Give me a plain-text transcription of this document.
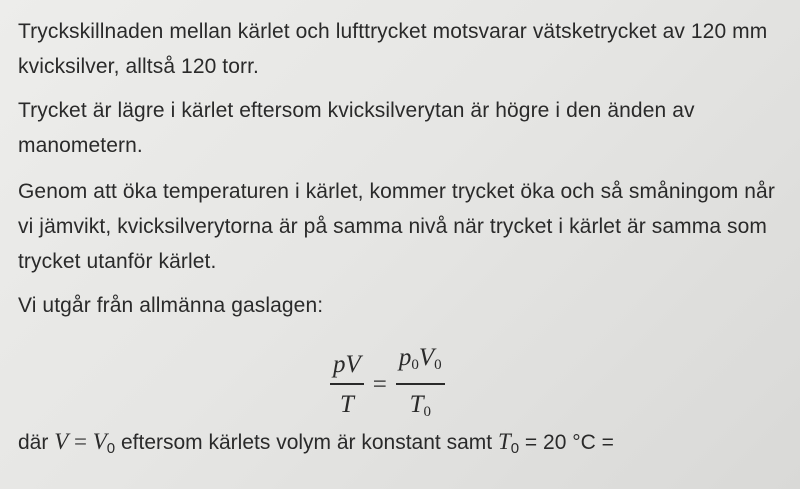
Tryckskillnaden mellan kärlet och lufttrycket motsvarar vätsketrycket av 120 mm kvicksilver, alltså 120 torr.

Trycket är lägre i kärlet eftersom kvicksilverytan är högre i den änden av manometern.

Genom att öka temperaturen i kärlet, kommer trycket öka och så småningom når vi jämvikt, kvicksilverytorna är på samma nivå när trycket i kärlet är samma som trycket utanför kärlet.

Vi utgår från allmänna gaslagen:

$\frac{pV}{T} = \frac{p_0V_0}{T_0}$
där $V = V_0$ eftersom kärlets volym är konstant samt $T_0 = 20$ °C =
